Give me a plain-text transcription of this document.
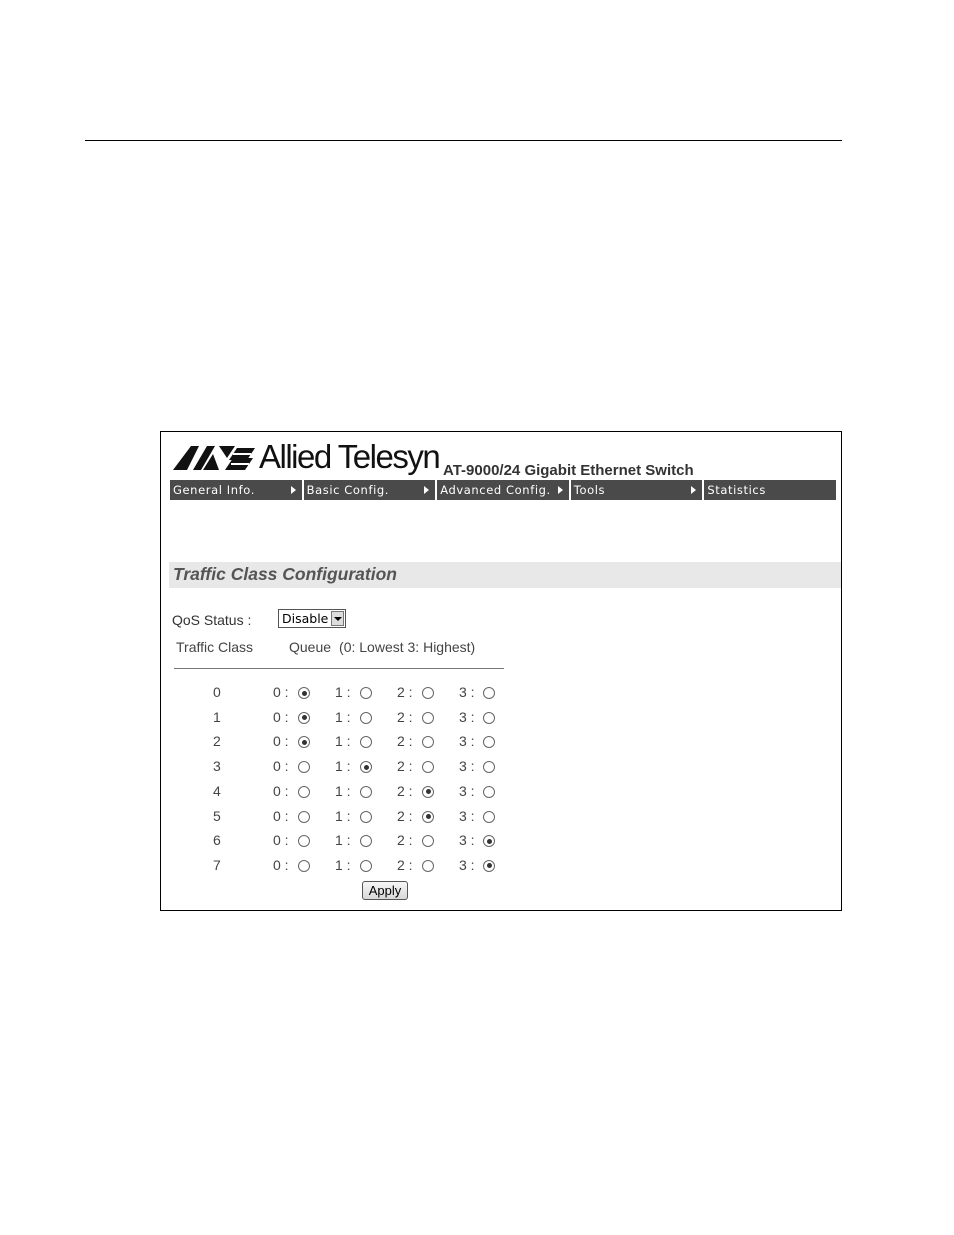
Allied Telesyn AT-9000/24 Gigabit Ethernet Switch
General Info.	Basic Config.	Advanced Config.	Tools	Statistics
Traffic Class Configuration
QoS Status : Disable
Traffic Class	Queue (0: Lowest 3: Highest)
0	0 :	1 :	2 :	3 :
1	0 :	1 :	2 :	3 :
2	0 :	1 :	2 :	3 :
3	0 :	1 :	2 :	3 :
4	0 :	1 :	2 :	3 :
5	0 :	1 :	2 :	3 :
6	0 :	1 :	2 :	3 :
7	0 :	1 :	2 :	3 :
Apply
